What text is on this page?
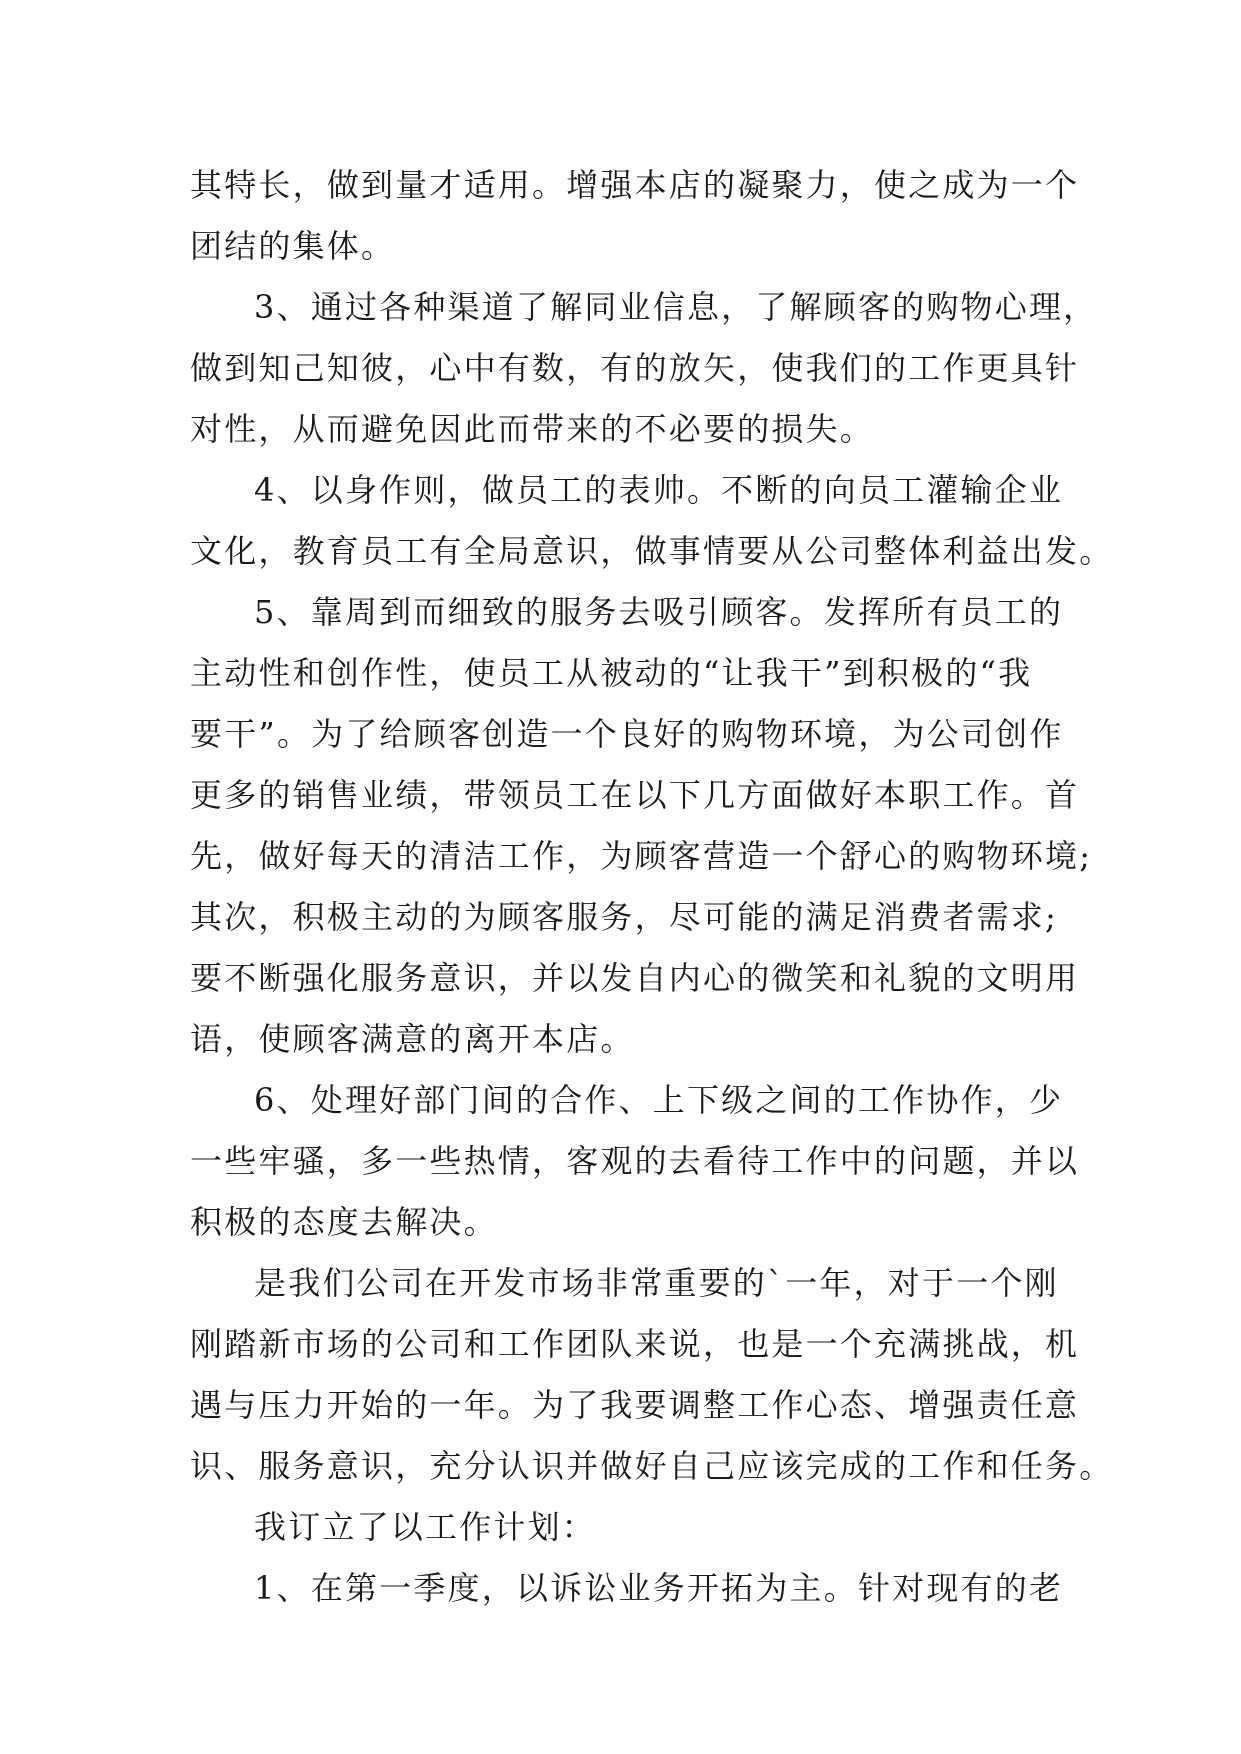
其特长，做到量才适用。增强本店的凝聚力，使之成为一个
团结的集体。
3、通过各种渠道了解同业信息，了解顾客的购物心理，
做到知己知彼，心中有数，有的放矢，使我们的工作更具针
对性，从而避免因此而带来的不必要的损失。
4、以身作则，做员工的表帅。不断的向员工灌输企业
文化，教育员工有全局意识，做事情要从公司整体利益出发。
5、靠周到而细致的服务去吸引顾客。发挥所有员工的
主动性和创作性，使员工从被动的“让我干”到积极的“我
要干”。为了给顾客创造一个良好的购物环境，为公司创作
更多的销售业绩，带领员工在以下几方面做好本职工作。首
先，做好每天的清洁工作，为顾客营造一个舒心的购物环境;
其次，积极主动的为顾客服务，尽可能的满足消费者需求;
要不断强化服务意识，并以发自内心的微笑和礼貌的文明用
语，使顾客满意的离开本店。
6、处理好部门间的合作、上下级之间的工作协作，少
一些牢骚，多一些热情，客观的去看待工作中的问题，并以
积极的态度去解决。
是我们公司在开发市场非常重要的`一年，对于一个刚
刚踏新市场的公司和工作团队来说，也是一个充满挑战，机
遇与压力开始的一年。为了我要调整工作心态、增强责任意
识、服务意识，充分认识并做好自己应该完成的工作和任务。
我订立了以工作计划：
1、在第一季度，以诉讼业务开拓为主。针对现有的老
